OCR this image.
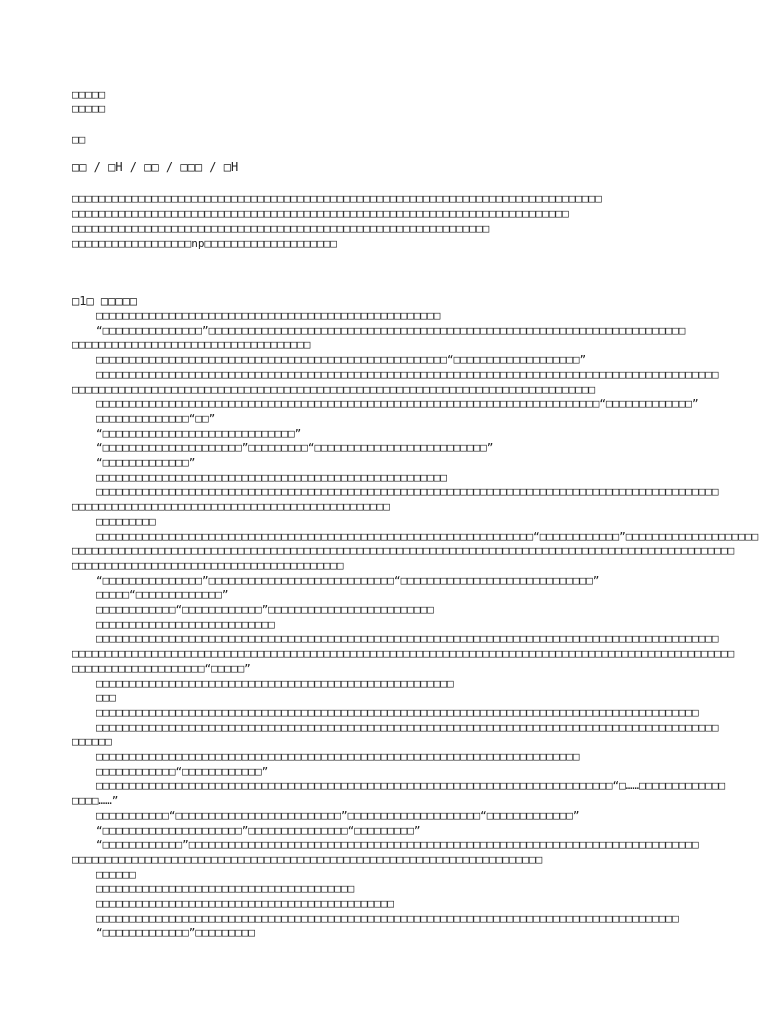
□□□□□
□□□□□
□□
□□ / □H / □□ / □□□ / □H
□□□□□□□□□□□□□□□□□□□□□□□□□□□□□□□□□□□□□□□□□□□□□□□□□□□□□□□□□□□□□□□□□□□□□□□□□□□□□□□□
□□□□□□□□□□□□□□□□□□□□□□□□□□□□□□□□□□□□□□□□□□□□□□□□□□□□□□□□□□□□□□□□□□□□□□□□□□□
□□□□□□□□□□□□□□□□□□□□□□□□□□□□□□□□□□□□□□□□□□□□□□□□□□□□□□□□□□□□□□□
□□□□□□□□□□□□□□□□□□np□□□□□□□□□□□□□□□□□□□□
□1□ □□□□□
□□□□□□□□□□□□□□□□□□□□□□□□□□□□□□□□□□□□□□□□□□□□□□□□□□□□
“□□□□□□□□□□□□□□□”□□□□□□□□□□□□□□□□□□□□□□□□□□□□□□□□□□□□□□□□□□□□□□□□□□□□□□□□□□□□□□□□□□□□□□□□
□□□□□□□□□□□□□□□□□□□□□□□□□□□□□□□□□□□□
□□□□□□□□□□□□□□□□□□□□□□□□□□□□□□□□□□□□□□□□□□□□□□□□□□□□□“□□□□□□□□□□□□□□□□□□□”
□□□□□□□□□□□□□□□□□□□□□□□□□□□□□□□□□□□□□□□□□□□□□□□□□□□□□□□□□□□□□□□□□□□□□□□□□□□□□□□□□□□□□□□□□□□□□□
□□□□□□□□□□□□□□□□□□□□□□□□□□□□□□□□□□□□□□□□□□□□□□□□□□□□□□□□□□□□□□□□□□□□□□□□□□□□□□□
□□□□□□□□□□□□□□□□□□□□□□□□□□□□□□□□□□□□□□□□□□□□□□□□□□□□□□□□□□□□□□□□□□□□□□□□□□□□“□□□□□□□□□□□□□”
□□□□□□□□□□□□□□“□□”
“□□□□□□□□□□□□□□□□□□□□□□□□□□□□□”
“□□□□□□□□□□□□□□□□□□□□□”□□□□□□□□□“□□□□□□□□□□□□□□□□□□□□□□□□□□”
“□□□□□□□□□□□□□”
□□□□□□□□□□□□□□□□□□□□□□□□□□□□□□□□□□□□□□□□□□□□□□□□□□□□□
□□□□□□□□□□□□□□□□□□□□□□□□□□□□□□□□□□□□□□□□□□□□□□□□□□□□□□□□□□□□□□□□□□□□□□□□□□□□□□□□□□□□□□□□□□□□□□
□□□□□□□□□□□□□□□□□□□□□□□□□□□□□□□□□□□□□□□□□□□□□□□□
□□□□□□□□□
□□□□□□□□□□□□□□□□□□□□□□□□□□□□□□□□□□□□□□□□□□□□□□□□□□□□□□□□□□□□□□□□□□“□□□□□□□□□□□□”□□□□□□□□□□□□□□□□□□□□
□□□□□□□□□□□□□□□□□□□□□□□□□□□□□□□□□□□□□□□□□□□□□□□□□□□□□□□□□□□□□□□□□□□□□□□□□□□□□□□□□□□□□□□□□□□□□□□□□□□□
□□□□□□□□□□□□□□□□□□□□□□□□□□□□□□□□□□□□□□□□□
“□□□□□□□□□□□□□□□”□□□□□□□□□□□□□□□□□□□□□□□□□□□□“□□□□□□□□□□□□□□□□□□□□□□□□□□□□□”
□□□□□“□□□□□□□□□□□□□”
□□□□□□□□□□□□“□□□□□□□□□□□□”□□□□□□□□□□□□□□□□□□□□□□□□□
□□□□□□□□□□□□□□□□□□□□□□□□□□□
□□□□□□□□□□□□□□□□□□□□□□□□□□□□□□□□□□□□□□□□□□□□□□□□□□□□□□□□□□□□□□□□□□□□□□□□□□□□□□□□□□□□□□□□□□□□□□
□□□□□□□□□□□□□□□□□□□□□□□□□□□□□□□□□□□□□□□□□□□□□□□□□□□□□□□□□□□□□□□□□□□□□□□□□□□□□□□□□□□□□□□□□□□□□□□□□□□□
□□□□□□□□□□□□□□□□□□□□“□□□□□”
□□□□□□□□□□□□□□□□□□□□□□□□□□□□□□□□□□□□□□□□□□□□□□□□□□□□□□
□□□
□□□□□□□□□□□□□□□□□□□□□□□□□□□□□□□□□□□□□□□□□□□□□□□□□□□□□□□□□□□□□□□□□□□□□□□□□□□□□□□□□□□□□□□□□□□
□□□□□□□□□□□□□□□□□□□□□□□□□□□□□□□□□□□□□□□□□□□□□□□□□□□□□□□□□□□□□□□□□□□□□□□□□□□□□□□□□□□□□□□□□□□□□□
□□□□□□
□□□□□□□□□□□□□□□□□□□□□□□□□□□□□□□□□□□□□□□□□□□□□□□□□□□□□□□□□□□□□□□□□□□□□□□□□
□□□□□□□□□□□□“□□□□□□□□□□□□”
□□□□□□□□□□□□□□□□□□□□□□□□□□□□□□□□□□□□□□□□□□□□□□□□□□□□□□□□□□□□□□□□□□□□□□□□□□□□□□“□……□□□□□□□□□□□□□
□□□□……”
□□□□□□□□□□□“□□□□□□□□□□□□□□□□□□□□□□□□□”□□□□□□□□□□□□□□□□□□□□“□□□□□□□□□□□□□”
“□□□□□□□□□□□□□□□□□□□□□”□□□□□□□□□□□□□□□“□□□□□□□□□”
“□□□□□□□□□□□□”□□□□□□□□□□□□□□□□□□□□□□□□□□□□□□□□□□□□□□□□□□□□□□□□□□□□□□□□□□□□□□□□□□□□□□□□□□□□□
□□□□□□□□□□□□□□□□□□□□□□□□□□□□□□□□□□□□□□□□□□□□□□□□□□□□□□□□□□□□□□□□□□□□□□□
□□□□□□
□□□□□□□□□□□□□□□□□□□□□□□□□□□□□□□□□□□□□□□
□□□□□□□□□□□□□□□□□□□□□□□□□□□□□□□□□□□□□□□□□□□□□
□□□□□□□□□□□□□□□□□□□□□□□□□□□□□□□□□□□□□□□□□□□□□□□□□□□□□□□□□□□□□□□□□□□□□□□□□□□□□□□□□□□□□□□□
“□□□□□□□□□□□□□”□□□□□□□□□
